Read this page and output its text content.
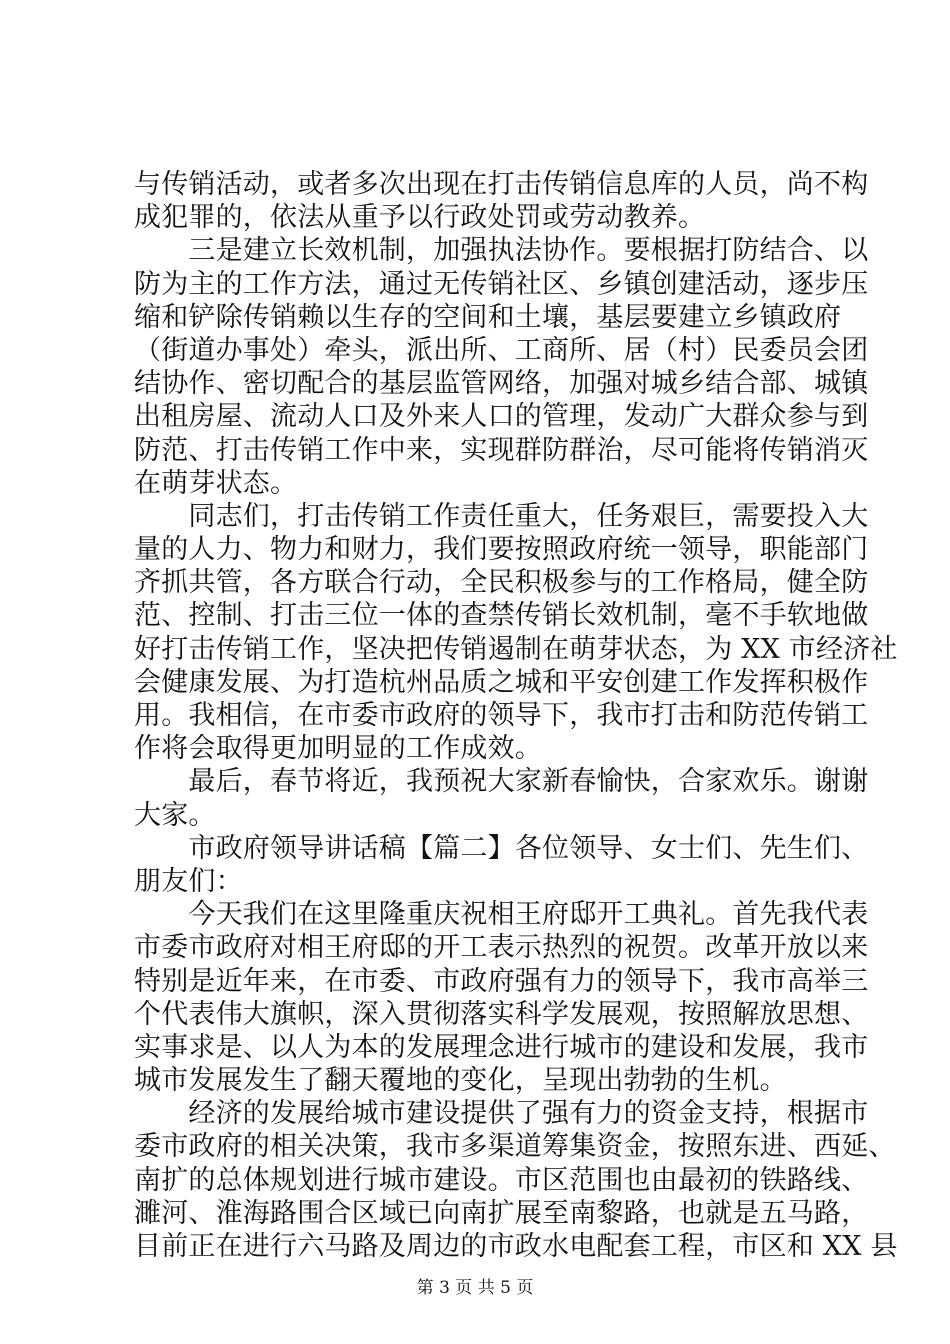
与传销活动，或者多次出现在打击传销信息库的人员，尚不构
成犯罪的，依法从重予以行政处罚或劳动教养。
　　三是建立长效机制，加强执法协作。要根据打防结合、以
防为主的工作方法，通过无传销社区、乡镇创建活动，逐步压
缩和铲除传销赖以生存的空间和土壤，基层要建立乡镇政府
（街道办事处）牵头，派出所、工商所、居（村）民委员会团
结协作、密切配合的基层监管网络，加强对城乡结合部、城镇
出租房屋、流动人口及外来人口的管理，发动广大群众参与到
防范、打击传销工作中来，实现群防群治，尽可能将传销消灭
在萌芽状态。
　　同志们，打击传销工作责任重大，任务艰巨，需要投入大
量的人力、物力和财力，我们要按照政府统一领导，职能部门
齐抓共管，各方联合行动，全民积极参与的工作格局，健全防
范、控制、打击三位一体的查禁传销长效机制，毫不手软地做
好打击传销工作，坚决把传销遏制在萌芽状态，为 XX 市经济社
会健康发展、为打造杭州品质之城和平安创建工作发挥积极作
用。我相信，在市委市政府的领导下，我市打击和防范传销工
作将会取得更加明显的工作成效。
　　最后，春节将近，我预祝大家新春愉快，合家欢乐。谢谢
大家。
　　市政府领导讲话稿【篇二】各位领导、女士们、先生们、
朋友们：
　　今天我们在这里隆重庆祝相王府邸开工典礼。首先我代表
市委市政府对相王府邸的开工表示热烈的祝贺。改革开放以来
特别是近年来，在市委、市政府强有力的领导下，我市高举三
个代表伟大旗帜，深入贯彻落实科学发展观，按照解放思想、
实事求是、以人为本的发展理念进行城市的建设和发展，我市
城市发展发生了翻天覆地的变化，呈现出勃勃的生机。
　　经济的发展给城市建设提供了强有力的资金支持，根据市
委市政府的相关决策，我市多渠道筹集资金，按照东进、西延、
南扩的总体规划进行城市建设。市区范围也由最初的铁路线、
濉河、淮海路围合区域已向南扩展至南黎路，也就是五马路，
目前正在进行六马路及周边的市政水电配套工程，市区和 XX 县
第 3 页 共 5 页
